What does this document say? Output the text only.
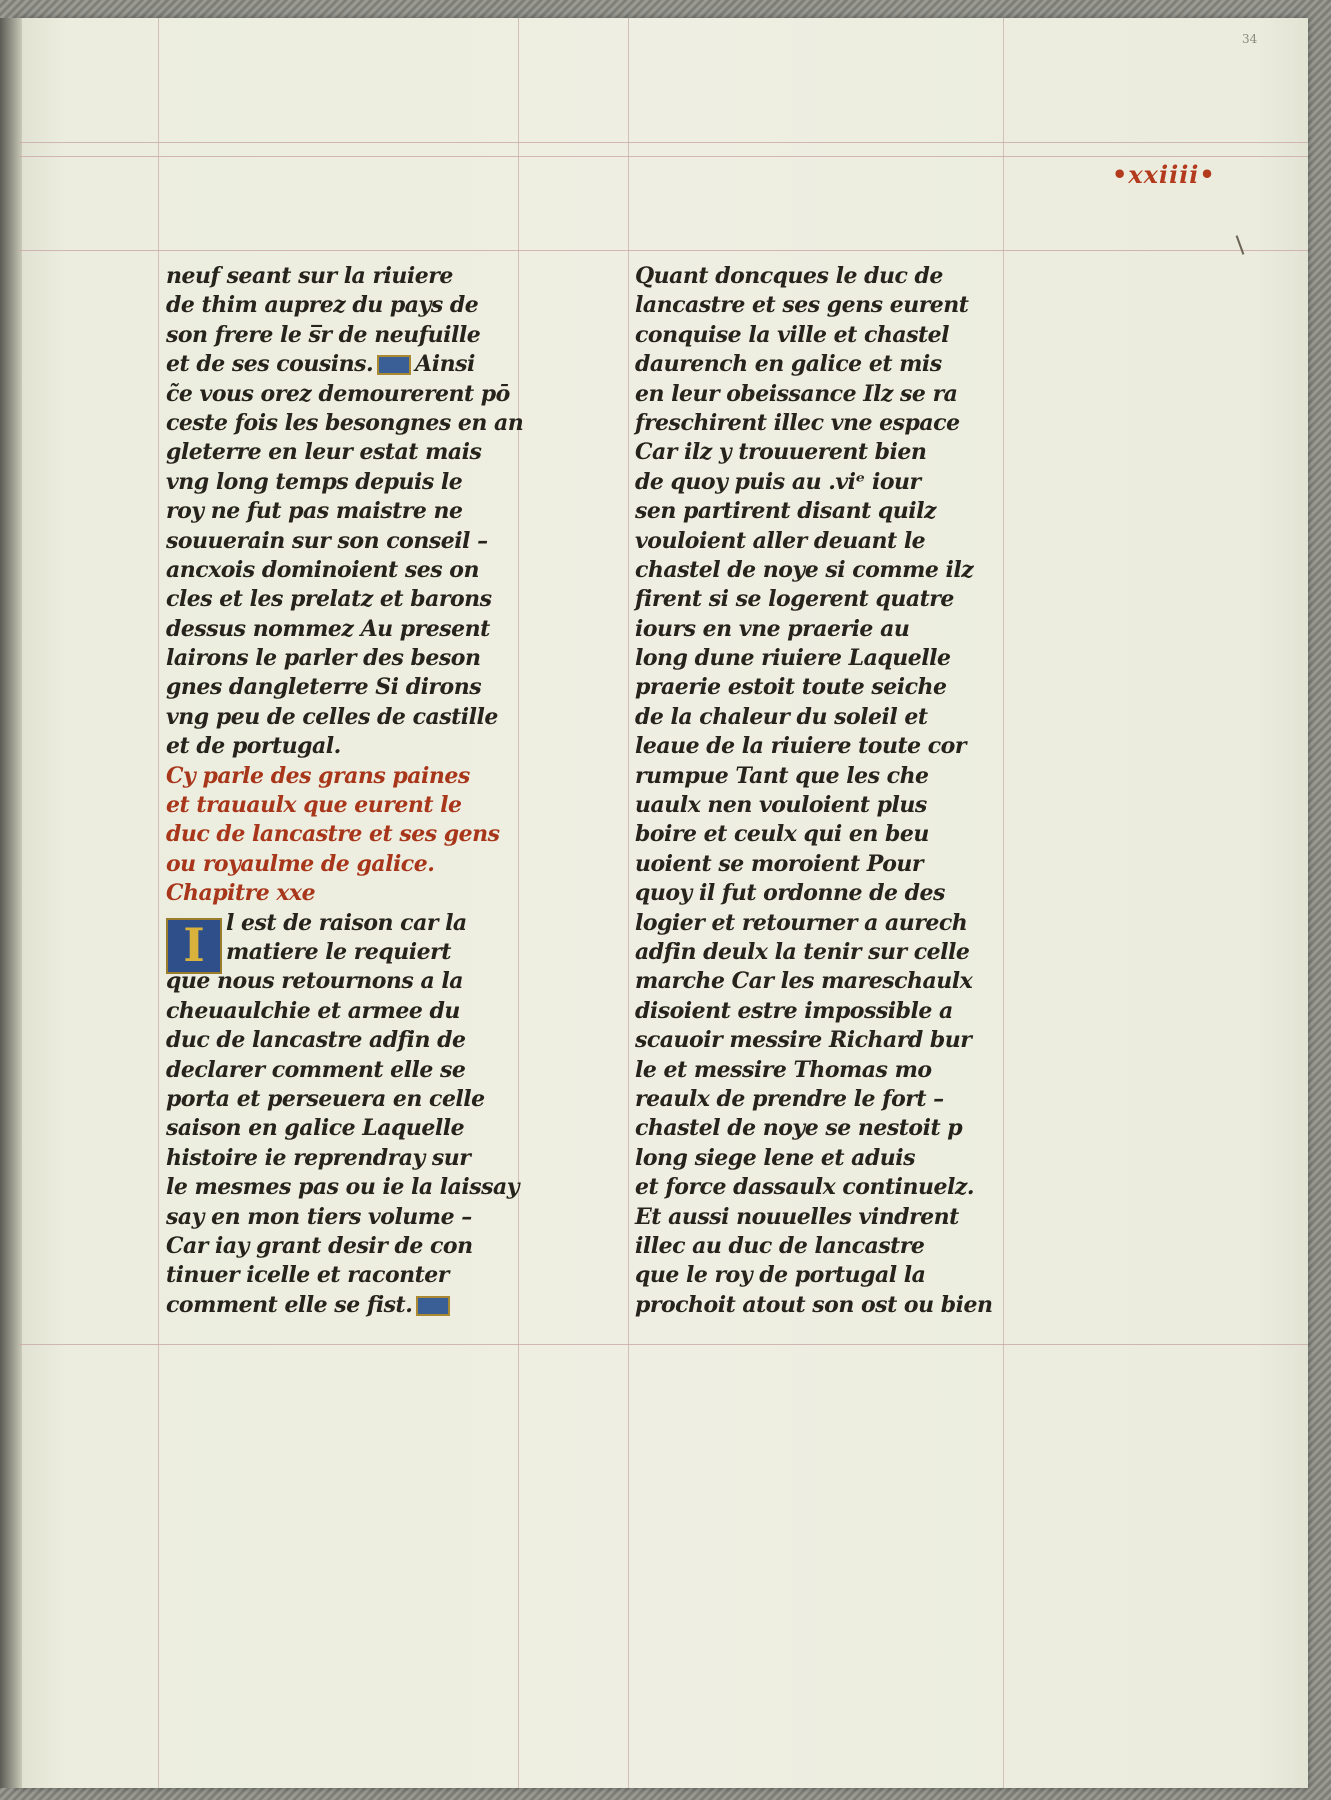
34
•xxiiii•
I
neuf seant sur la riuiere
de thim auprez du pays de
son frere le s̅r de neufuille
et de ses cousins. Ainsi
c̃e vous orez demourerent pō
ceste fois les besongnes en an
gleterre en leur estat mais
vng long temps depuis le
roy ne fut pas maistre ne
souuerain sur son conseil –
ancxois dominoient ses on
cles et les prelatz et barons
dessus nommez Au present
lairons le parler des beson
gnes dangleterre Si dirons
vng peu de celles de castille
et de portugal.
Cy parle des grans paines
et trauaulx que eurent le
duc de lancastre et ses gens
ou royaulme de galice.
Chapitre xxe
l est de raison car la
matiere le requiert
que nous retournons a la
cheuaulchie et armee du
duc de lancastre adfin de
declarer comment elle se
porta et perseuera en celle
saison en galice Laquelle
histoire ie reprendray sur
le mesmes pas ou ie la laissay
say en mon tiers volume –
Car iay grant desir de con
tinuer icelle et raconter
comment elle se fist.
Quant doncques le duc de
lancastre et ses gens eurent
conquise la ville et chastel
daurench en galice et mis
en leur obeissance Ilz se ra
freschirent illec vne espace
Car ilz y trouuerent bien
de quoy puis au .viᵉ iour
sen partirent disant quilz
vouloient aller deuant le
chastel de noye si comme ilz
firent si se logerent quatre
iours en vne praerie au
long dune riuiere Laquelle
praerie estoit toute seiche
de la chaleur du soleil et
leaue de la riuiere toute cor
rumpue Tant que les che
uaulx nen vouloient plus
boire et ceulx qui en beu
uoient se moroient Pour
quoy il fut ordonne de des
logier et retourner a aurech
adfin deulx la tenir sur celle
marche Car les mareschaulx
disoient estre impossible a
scauoir messire Richard bur
le et messire Thomas mo
reaulx de prendre le fort –
chastel de noye se nestoit p
long siege lene et aduis
et force dassaulx continuelz.
Et aussi nouuelles vindrent
illec au duc de lancastre
que le roy de portugal la
prochoit atout son ost ou bien
